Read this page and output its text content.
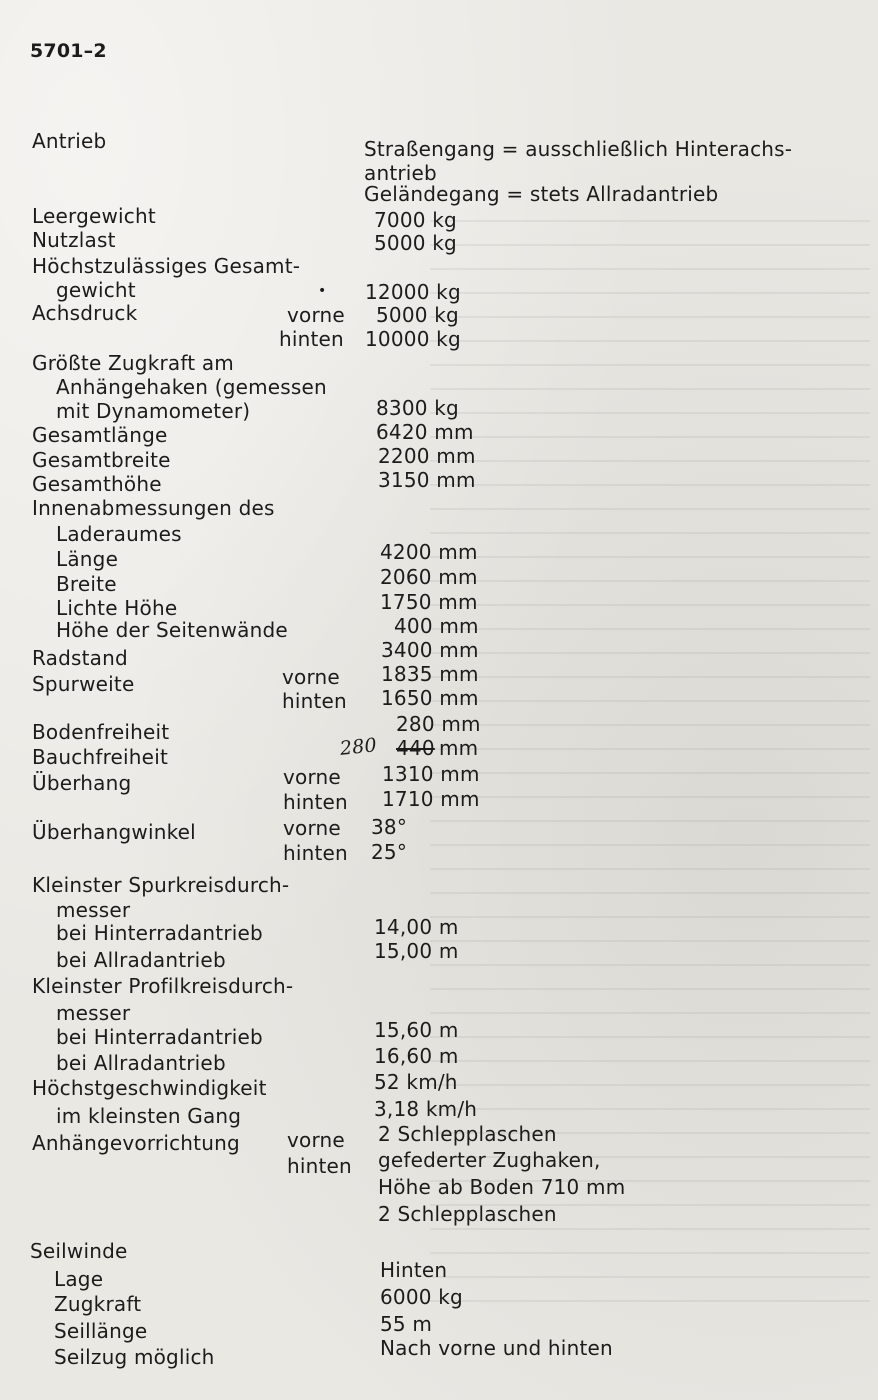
5701–2
Antrieb
Leergewicht
Nutzlast
Höchstzulässiges Gesamt-
gewicht
Achsdruck
Größte Zugkraft am
Anhängehaken (gemessen
mit Dynamometer)
Gesamtlänge
Gesamtbreite
Gesamthöhe
Innenabmessungen des
Laderaumes
Länge
Breite
Lichte Höhe
Höhe der Seitenwände
Radstand
Spurweite
Bodenfreiheit
Bauchfreiheit
Überhang
Überhangwinkel
Kleinster Spurkreisdurch-
messer
bei Hinterradantrieb
bei Allradantrieb
Kleinster Profilkreisdurch-
messer
bei Hinterradantrieb
bei Allradantrieb
Höchstgeschwindigkeit
im kleinsten Gang
Anhängevorrichtung
Seilwinde
Lage
Zugkraft
Seillänge
Seilzug möglich
vorne
hinten
vorne
hinten
vorne
hinten
vorne
hinten
vorne
hinten
Straßengang = ausschließlich Hinterachs-
antrieb
Geländegang = stets Allradantrieb
7000 kg
5000 kg
12000 kg
•
5000 kg
10000 kg
8300 kg
6420 mm
2200 mm
3150 mm
4200 mm
2060 mm
1750 mm
400 mm
3400 mm
1835 mm
1650 mm
280 mm
280 440 mm
1310 mm
1710 mm
38°
25°
14,00 m
15,00 m
15,60 m
16,60 m
52 km/h
3,18 km/h
2 Schlepplaschen
gefederter Zughaken,
Höhe ab Boden 710 mm
2 Schlepplaschen
Hinten
6000 kg
55 m
Nach vorne und hinten
